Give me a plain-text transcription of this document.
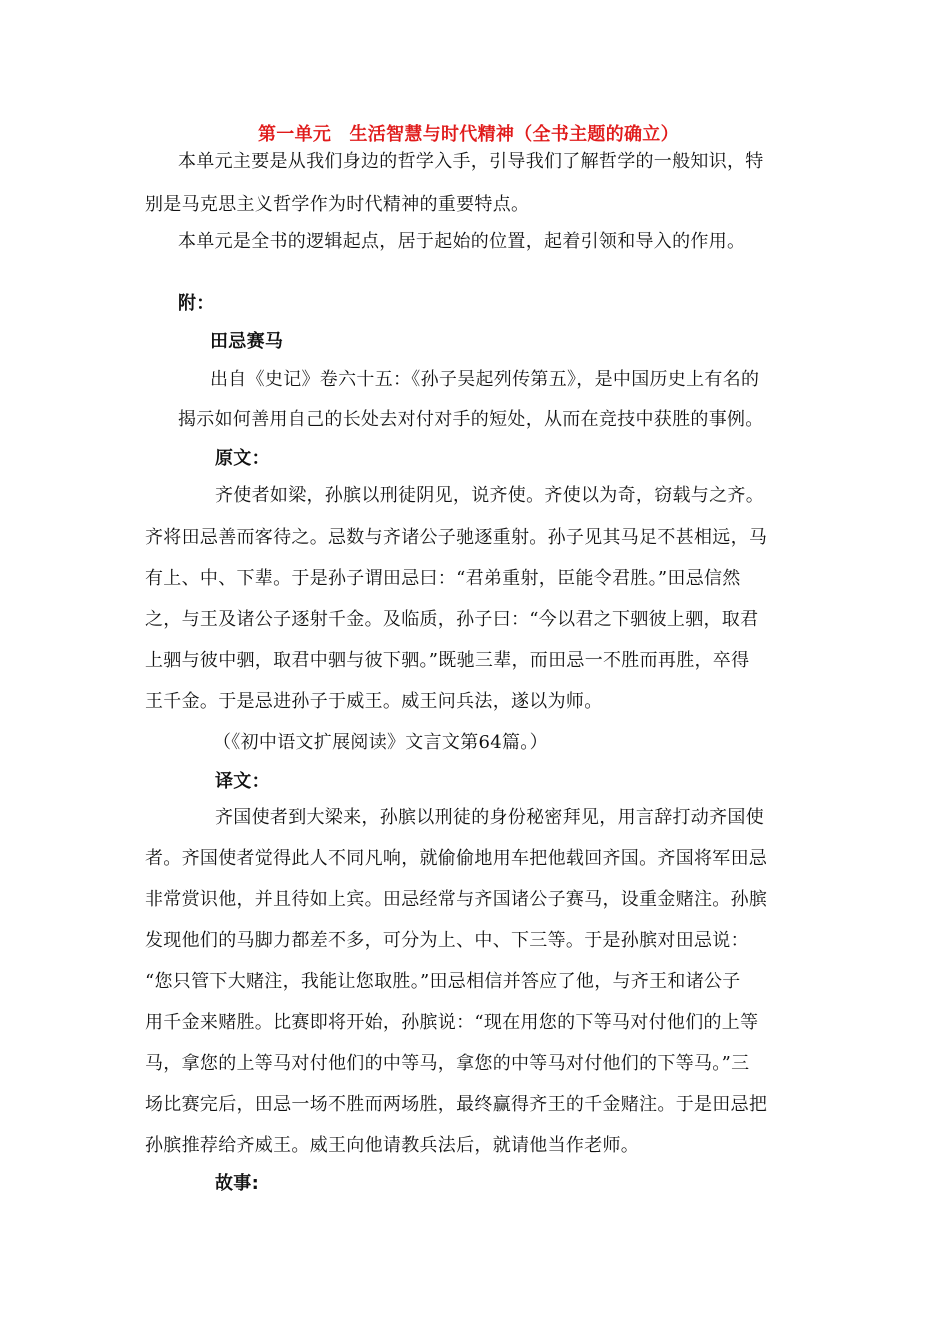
第一单元　生活智慧与时代精神（全书主题的确立）
本单元主要是从我们身边的哲学入手，引导我们了解哲学的一般知识，特
别是马克思主义哲学作为时代精神的重要特点。
本单元是全书的逻辑起点，居于起始的位置，起着引领和导入的作用。
附：
田忌赛马
出自《史记》卷六十五：《孙子吴起列传第五》，是中国历史上有名的
揭示如何善用自己的长处去对付对手的短处，从而在竞技中获胜的事例。
原文：
齐使者如梁，孙膑以刑徒阴见，说齐使。齐使以为奇，窃载与之齐。
齐将田忌善而客待之。忌数与齐诸公子驰逐重射。孙子见其马足不甚相远，马
有上、中、下辈。于是孙子谓田忌曰：“君弟重射，臣能令君胜。”田忌信然
之，与王及诸公子逐射千金。及临质，孙子曰：“今以君之下驷彼上驷，取君
上驷与彼中驷，取君中驷与彼下驷。”既驰三辈，而田忌一不胜而再胜，卒得
王千金。于是忌进孙子于威王。威王问兵法，遂以为师。
（《初中语文扩展阅读》文言文第64篇。）
译文：
齐国使者到大梁来，孙膑以刑徒的身份秘密拜见，用言辞打动齐国使
者。齐国使者觉得此人不同凡响，就偷偷地用车把他载回齐国。齐国将军田忌
非常赏识他，并且待如上宾。田忌经常与齐国诸公子赛马，设重金赌注。孙膑
发现他们的马脚力都差不多，可分为上、中、下三等。于是孙膑对田忌说：
“您只管下大赌注，我能让您取胜。”田忌相信并答应了他，与齐王和诸公子
用千金来赌胜。比赛即将开始，孙膑说：“现在用您的下等马对付他们的上等
马，拿您的上等马对付他们的中等马，拿您的中等马对付他们的下等马。”三
场比赛完后，田忌一场不胜而两场胜，最终赢得齐王的千金赌注。于是田忌把
孙膑推荐给齐威王。威王向他请教兵法后，就请他当作老师。
故事:
